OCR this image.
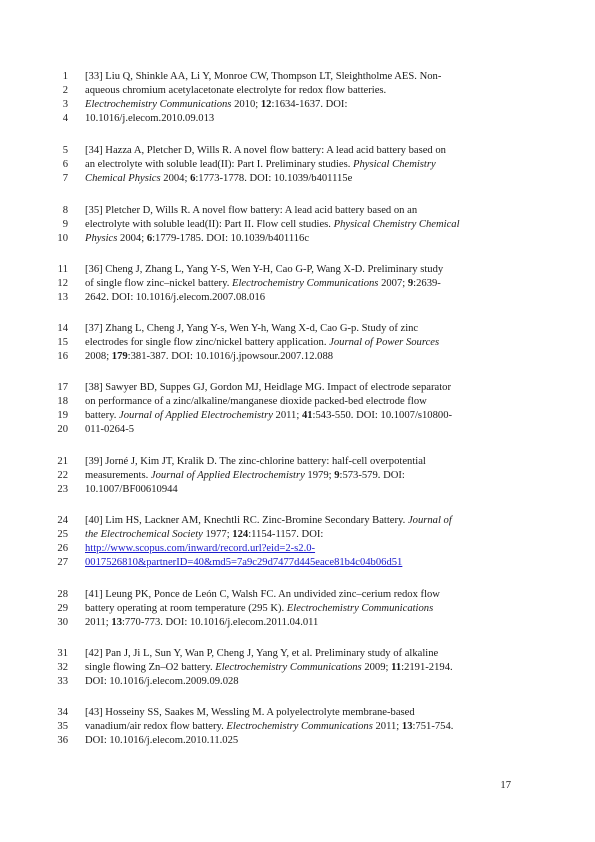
1 [33] Liu Q, Shinkle AA, Li Y, Monroe CW, Thompson LT, Sleightholme AES. Non-
2 aqueous chromium acetylacetonate electrolyte for redox flow batteries.
3 Electrochemistry Communications 2010; 12:1634-1637. DOI:
4 10.1016/j.elecom.2010.09.013
5 [34] Hazza A, Pletcher D, Wills R. A novel flow battery: A lead acid battery based on
6 an electrolyte with soluble lead(II): Part I. Preliminary studies. Physical Chemistry
7 Chemical Physics 2004; 6:1773-1778. DOI: 10.1039/b401115e
8 [35] Pletcher D, Wills R. A novel flow battery: A lead acid battery based on an
9 electrolyte with soluble lead(II): Part II. Flow cell studies. Physical Chemistry Chemical
10 Physics 2004; 6:1779-1785. DOI: 10.1039/b401116c
11 [36] Cheng J, Zhang L, Yang Y-S, Wen Y-H, Cao G-P, Wang X-D. Preliminary study
12 of single flow zinc–nickel battery. Electrochemistry Communications 2007; 9:2639-
13 2642. DOI: 10.1016/j.elecom.2007.08.016
14 [37] Zhang L, Cheng J, Yang Y-s, Wen Y-h, Wang X-d, Cao G-p. Study of zinc
15 electrodes for single flow zinc/nickel battery application. Journal of Power Sources
16 2008; 179:381-387. DOI: 10.1016/j.jpowsour.2007.12.088
17 [38] Sawyer BD, Suppes GJ, Gordon MJ, Heidlage MG. Impact of electrode separator
18 on performance of a zinc/alkaline/manganese dioxide packed-bed electrode flow
19 battery. Journal of Applied Electrochemistry 2011; 41:543-550. DOI: 10.1007/s10800-
20 011-0264-5
21 [39] Jorné J, Kim JT, Kralik D. The zinc-chlorine battery: half-cell overpotential
22 measurements. Journal of Applied Electrochemistry 1979; 9:573-579. DOI:
23 10.1007/BF00610944
24 [40] Lim HS, Lackner AM, Knechtli RC. Zinc-Bromine Secondary Battery. Journal of
25 the Electrochemical Society 1977; 124:1154-1157. DOI:
26 http://www.scopus.com/inward/record.url?eid=2-s2.0-
27 0017526810&partnerID=40&md5=7a9c29d7477d445eace81b4c04b06d51
28 [41] Leung PK, Ponce de León C, Walsh FC. An undivided zinc–cerium redox flow
29 battery operating at room temperature (295 K). Electrochemistry Communications
30 2011; 13:770-773. DOI: 10.1016/j.elecom.2011.04.011
31 [42] Pan J, Ji L, Sun Y, Wan P, Cheng J, Yang Y, et al. Preliminary study of alkaline
32 single flowing Zn–O2 battery. Electrochemistry Communications 2009; 11:2191-2194.
33 DOI: 10.1016/j.elecom.2009.09.028
34 [43] Hosseiny SS, Saakes M, Wessling M. A polyelectrolyte membrane-based
35 vanadium/air redox flow battery. Electrochemistry Communications 2011; 13:751-754.
36 DOI: 10.1016/j.elecom.2010.11.025
17
